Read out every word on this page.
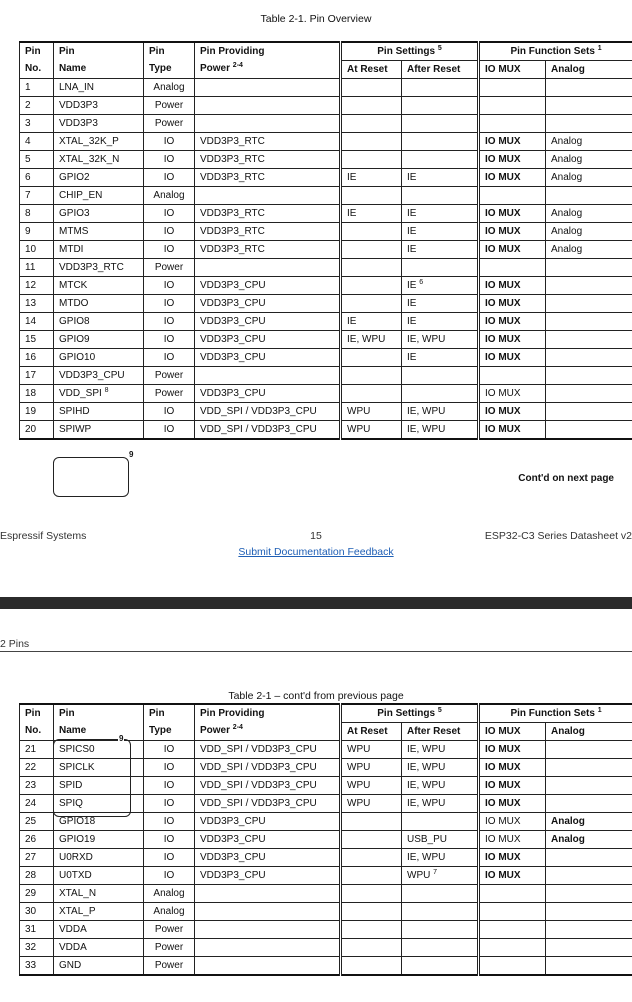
Table 2-1. Pin Overview
Pin	Pin	Pin	Pin Providing	Pin Settings $^5$		Pin Function Sets $^1$
No.	Name	Type	Power $^{2-4}$	At Reset	After Reset	IO MUX	Analog
1	LNA_IN	Analog					
2	VDD3P3	Power					
3	VDD3P3	Power					
4	XTAL_32K_P	IO	VDD3P3_RTC			IO MUX	Analog
5	XTAL_32K_N	IO	VDD3P3_RTC			IO MUX	Analog
6	GPIO2	IO	VDD3P3_RTC	IE	IE	IO MUX	Analog
7	CHIP_EN	Analog					
8	GPIO3	IO	VDD3P3_RTC	IE	IE	IO MUX	Analog
9	MTMS	IO	VDD3P3_RTC		IE	IO MUX	Analog
10	MTDI	IO	VDD3P3_RTC		IE	IO MUX	Analog
11	VDD3P3_RTC	Power					
12	MTCK	IO	VDD3P3_CPU		IE $^6$	IO MUX	
13	MTDO	IO	VDD3P3_CPU		IE	IO MUX	
14	GPIO8	IO	VDD3P3_CPU	IE	IE	IO MUX	
15	GPIO9	IO	VDD3P3_CPU	IE, WPU	IE, WPU	IO MUX	
16	GPIO10	IO	VDD3P3_CPU		IE	IO MUX	
17	VDD3P3_CPU	Power					
18	VDD_SPI $^8$	Power	VDD3P3_CPU			IO MUX	
19	SPIHD	IO	VDD_SPI / VDD3P3_CPU	WPU	IE, WPU	IO MUX	
20	SPIWP	IO	VDD_SPI / VDD3P3_CPU	WPU	IE, WPU	IO MUX	
9
Cont'd on next page
Espressif Systems	15	ESP32-C3 Series Datasheet v2
Submit Documentation Feedback
2 Pins
Table 2-1 – cont'd from previous page
Pin	Pin	Pin	Pin Providing	Pin Settings $^5$		Pin Function Sets $^1$
No.	Name	Type	Power $^{2-4}$	At Reset	After Reset	IO MUX	Analog
21	SPICS0	IO	VDD_SPI / VDD3P3_CPU	WPU	IE, WPU	IO MUX	
22	SPICLK	IO	VDD_SPI / VDD3P3_CPU	WPU	IE, WPU	IO MUX	
23	SPID	IO	VDD_SPI / VDD3P3_CPU	WPU	IE, WPU	IO MUX	
24	SPIQ	IO	VDD_SPI / VDD3P3_CPU	WPU	IE, WPU	IO MUX	
25	GPIO18	IO	VDD3P3_CPU			IO MUX	Analog
26	GPIO19	IO	VDD3P3_CPU		USB_PU	IO MUX	Analog
27	U0RXD	IO	VDD3P3_CPU		IE, WPU	IO MUX	
28	U0TXD	IO	VDD3P3_CPU		WPU $^7$	IO MUX	
29	XTAL_N	Analog					
30	XTAL_P	Analog					
31	VDDA	Power					
32	VDDA	Power					
33	GND	Power					
9
